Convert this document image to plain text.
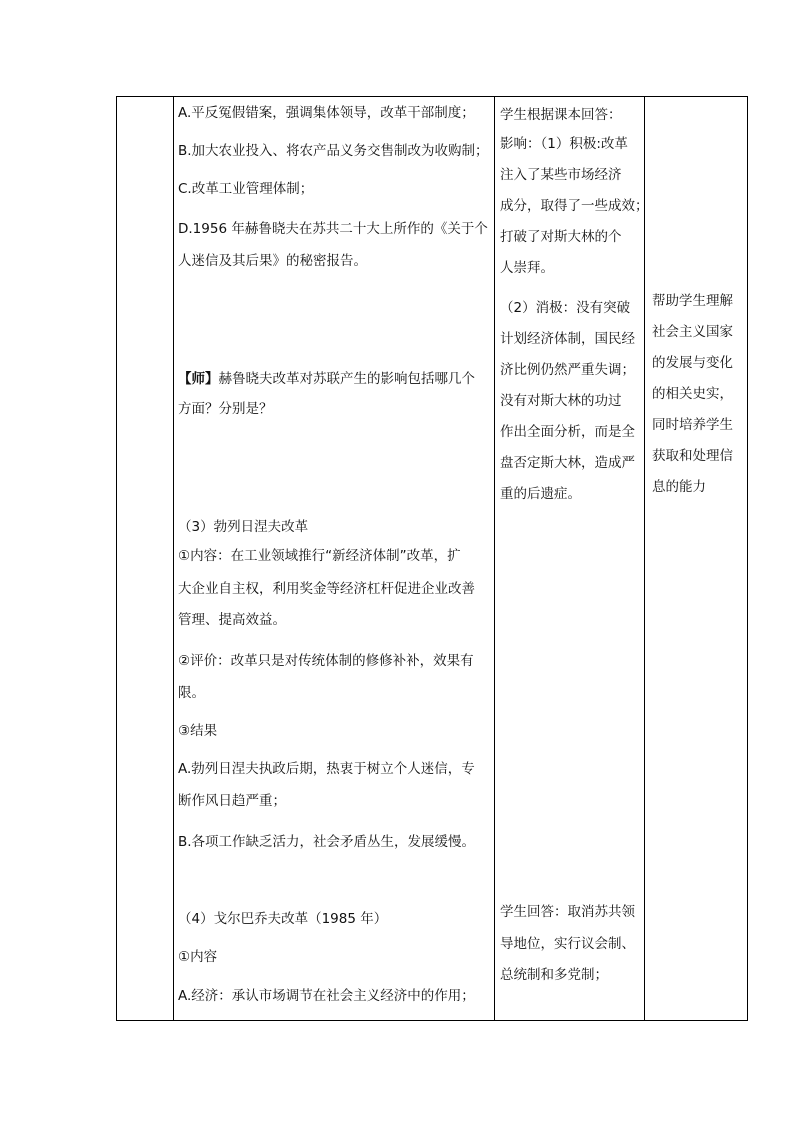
A.平反冤假错案，强调集体领导，改革干部制度；
B.加大农业投入、将农产品义务交售制改为收购制；
C.改革工业管理体制；
D.1956 年赫鲁晓夫在苏共二十大上所作的《关于个
人迷信及其后果》的秘密报告。
【师】赫鲁晓夫改革对苏联产生的影响包括哪几个
方面？分别是？
（3）勃列日涅夫改革
①内容：在工业领域推行“新经济体制”改革，扩
大企业自主权，利用奖金等经济杠杆促进企业改善
管理、提高效益。
②评价：改革只是对传统体制的修修补补，效果有
限。
③结果
A.勃列日涅夫执政后期，热衷于树立个人迷信，专
断作风日趋严重；
B.各项工作缺乏活力，社会矛盾丛生，发展缓慢。
（4）戈尔巴乔夫改革（1985 年）
①内容
A.经济：承认市场调节在社会主义经济中的作用；
学生根据课本回答：
影响：（1）积极:改革
注入了某些市场经济
成分，取得了一些成效；
打破了对斯大林的个
人崇拜。
（2）消极：没有突破
计划经济体制，国民经
济比例仍然严重失调；
没有对斯大林的功过
作出全面分析，而是全
盘否定斯大林，造成严
重的后遗症。
学生回答：取消苏共领
导地位，实行议会制、
总统制和多党制；
帮助学生理解
社会主义国家
的发展与变化
的相关史实，
同时培养学生
获取和处理信
息的能力
